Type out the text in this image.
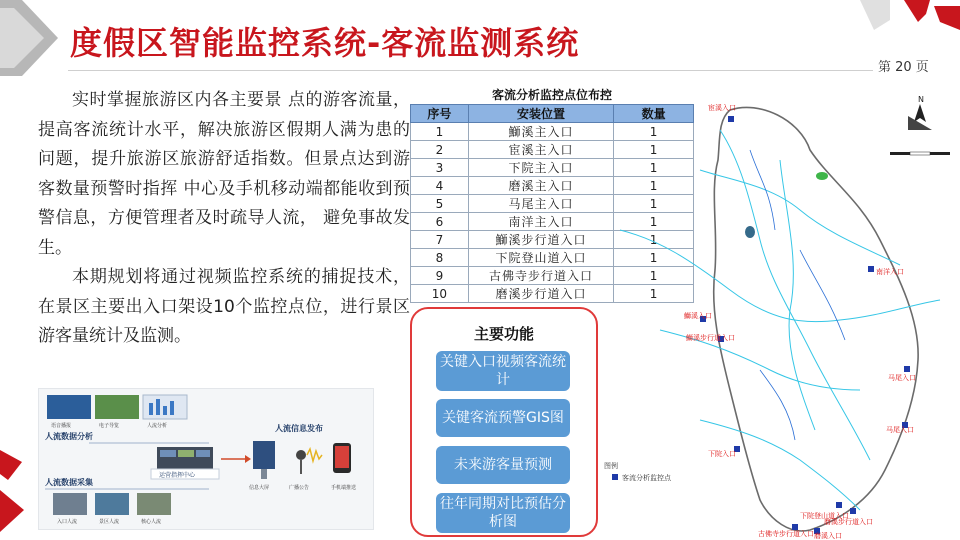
度假区智能监控系统-客流监测系统
第 20 页

实时掌握旅游区内各主要景 点的游客流量，提高客流统计水平，解决旅游区假期人满为患的问题，提升旅游区旅游舒适指数。但景点达到游客数量预警时指挥 中心及手机移动端都能收到预警信息，方便管理者及时疏导人流， 避免事故发生。

本期规划将通过视频监控系统的捕捉技术，在景区主要出入口架设10个监控点位，进行景区游客量统计及监测。

语音播报	电子导览	人流分析
人流数据分析
运营指挥中心
人流信息发布
信息大屏	广播公告	手机端推送
人流数据采集
入口人流	景区人流	核心人流
客流分析监控点位布控
序号	安装位置	数量
1	鰤溪主入口	1
2	宦溪主入口	1
3	下院主入口	1
4	磨溪主入口	1
5	马尾主入口	1
6	南洋主入口	1
7	鰤溪步行道入口	1
8	下院登山道入口	1
9	古佛寺步行道入口	1
10	磨溪步行道入口	1
主要功能
关键入口视频客流统计
关键客流预警GIS图
未来游客量预测
往年同期对比预估分析图
N
宦溪入口
南洋入口
鰤溪入口
鰤溪步行道入口
马尾入口
马尾入口
下院入口
下院登山道入口
磨溪步行道入口
古佛寺步行道入口 磨溪入口
图例
客流分析监控点
